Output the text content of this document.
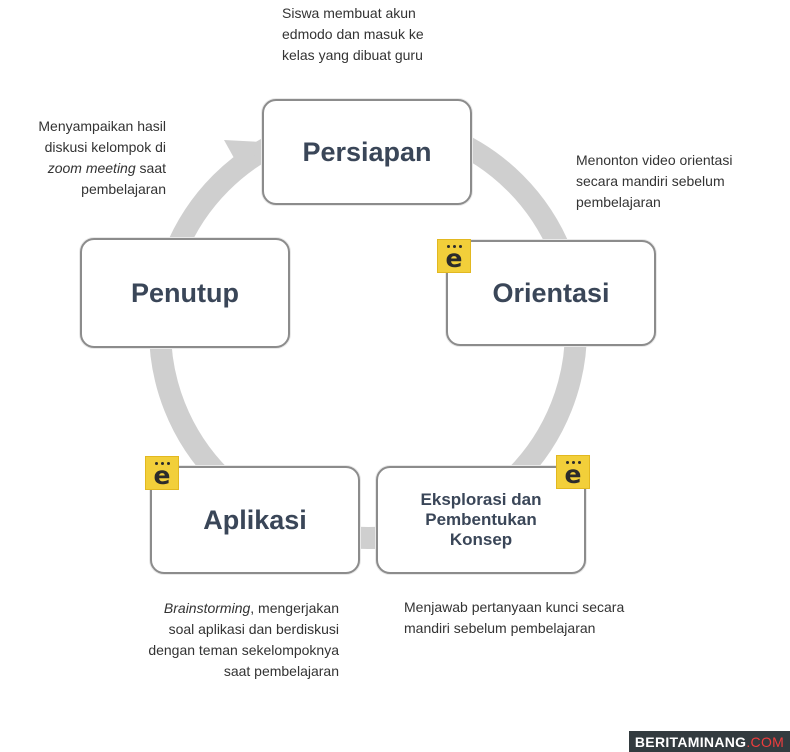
Persiapan
Orientasi
Penutup
Aplikasi
Eksplorasi dan
Pembentukan
Konsep
e
e	e
Siswa membuat akun
edmodo dan masuk ke
kelas yang dibuat guru
Menonton video orientasi
secara mandiri sebelum
pembelajaran
Menyampaikan hasil
diskusi kelompok di
zoom meeting saat
pembelajaran
Brainstorming, mengerjakan
soal aplikasi dan berdiskusi
dengan teman sekelompoknya
saat pembelajaran
Menjawab pertanyaan kunci secara
mandiri sebelum pembelajaran
BERITAMINANG .COM
